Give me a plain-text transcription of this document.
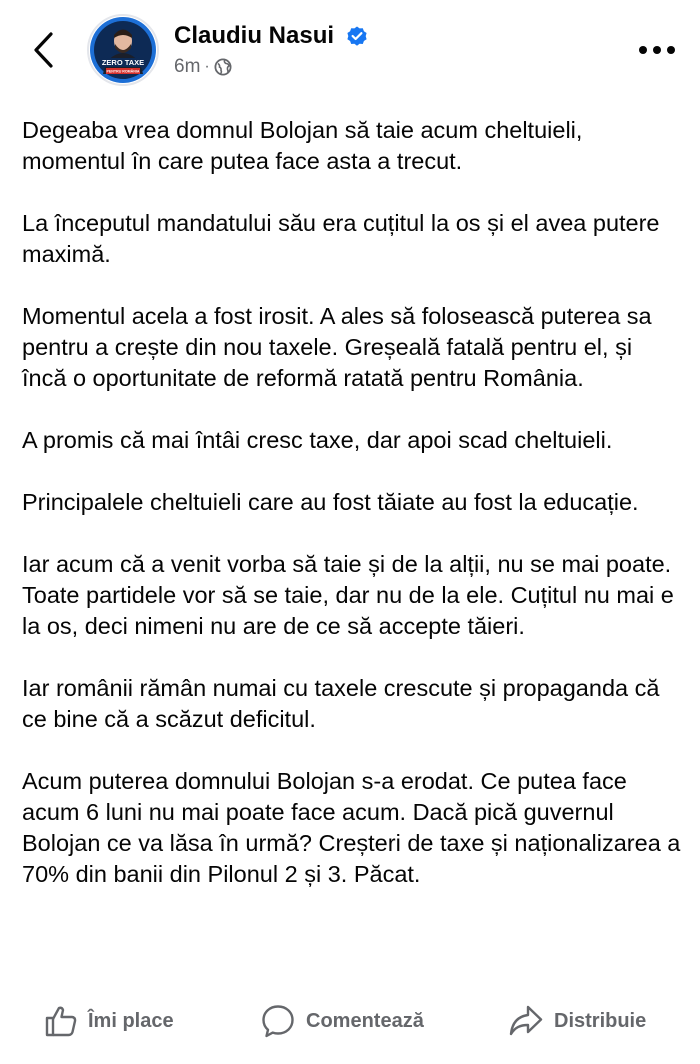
ZERO TAXE
PENTRU ROMÂNIA
Claudiu Nasui
6m ·

Degeaba vrea domnul Bolojan să taie acum cheltuieli, momentul în care putea face asta a trecut.

La începutul mandatului său era cuțitul la os și el avea putere maximă.

Momentul acela a fost irosit. A ales să folosească puterea sa pentru a crește din nou taxele. Greșeală fatală pentru el, și încă o oportunitate de reformă ratată pentru România.

A promis că mai întâi cresc taxe, dar apoi scad cheltuieli.

Principalele cheltuieli care au fost tăiate au fost la educație.

Iar acum că a venit vorba să taie și de la alții, nu se mai poate. Toate partidele vor să se taie, dar nu de la ele. Cuțitul nu mai e la os, deci nimeni nu are de ce să accepte tăieri.

Iar românii rămân numai cu taxele crescute și propaganda că ce bine că a scăzut deficitul.

Acum puterea domnului Bolojan s-a erodat. Ce putea face acum 6 luni nu mai poate face acum. Dacă pică guvernul Bolojan ce va lăsa în urmă? Creșteri de taxe și naționalizarea a 70% din banii din Pilonul 2 și 3. Păcat.

Îmi place	Comentează	Distribuie
